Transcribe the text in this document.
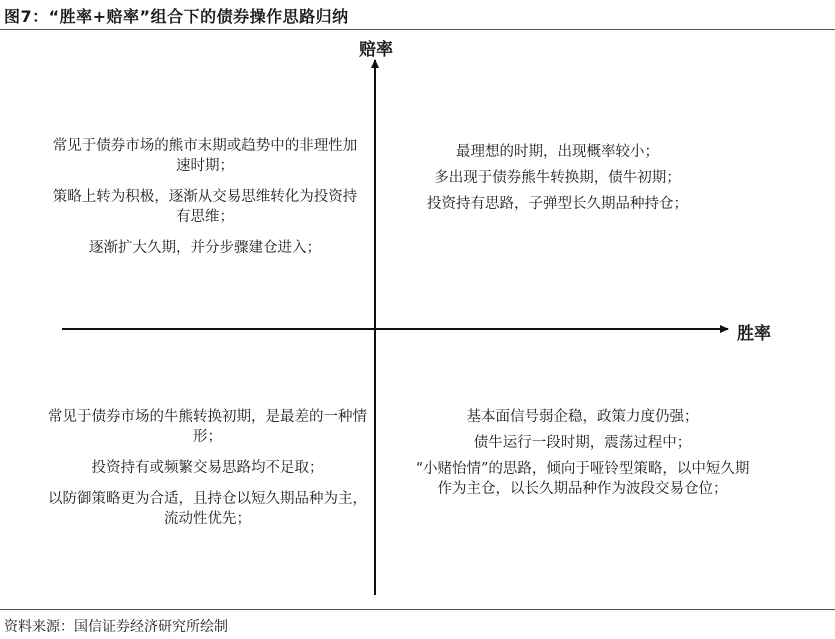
图7：“胜率+赔率”组合下的债券操作思路归纳
赔率
胜率

常见于债券市场的熊市末期或趋势中的非理性加速时期；

策略上转为积极，逐渐从交易思维转化为投资持有思维；

逐渐扩大久期，并分步骤建仓进入；

最理想的时期，出现概率较小；

多出现于债券熊牛转换期，债牛初期；

投资持有思路，子弹型长久期品种持仓；

常见于债券市场的牛熊转换初期，是最差的一种情形；

投资持有或频繁交易思路均不足取；

以防御策略更为合适，且持仓以短久期品种为主，流动性优先；

基本面信号弱企稳，政策力度仍强；

债牛运行一段时期，震荡过程中；

“小赌怡情”的思路，倾向于哑铃型策略，以中短久期作为主仓，以长久期品种作为波段交易仓位；

资料来源：国信证券经济研究所绘制
